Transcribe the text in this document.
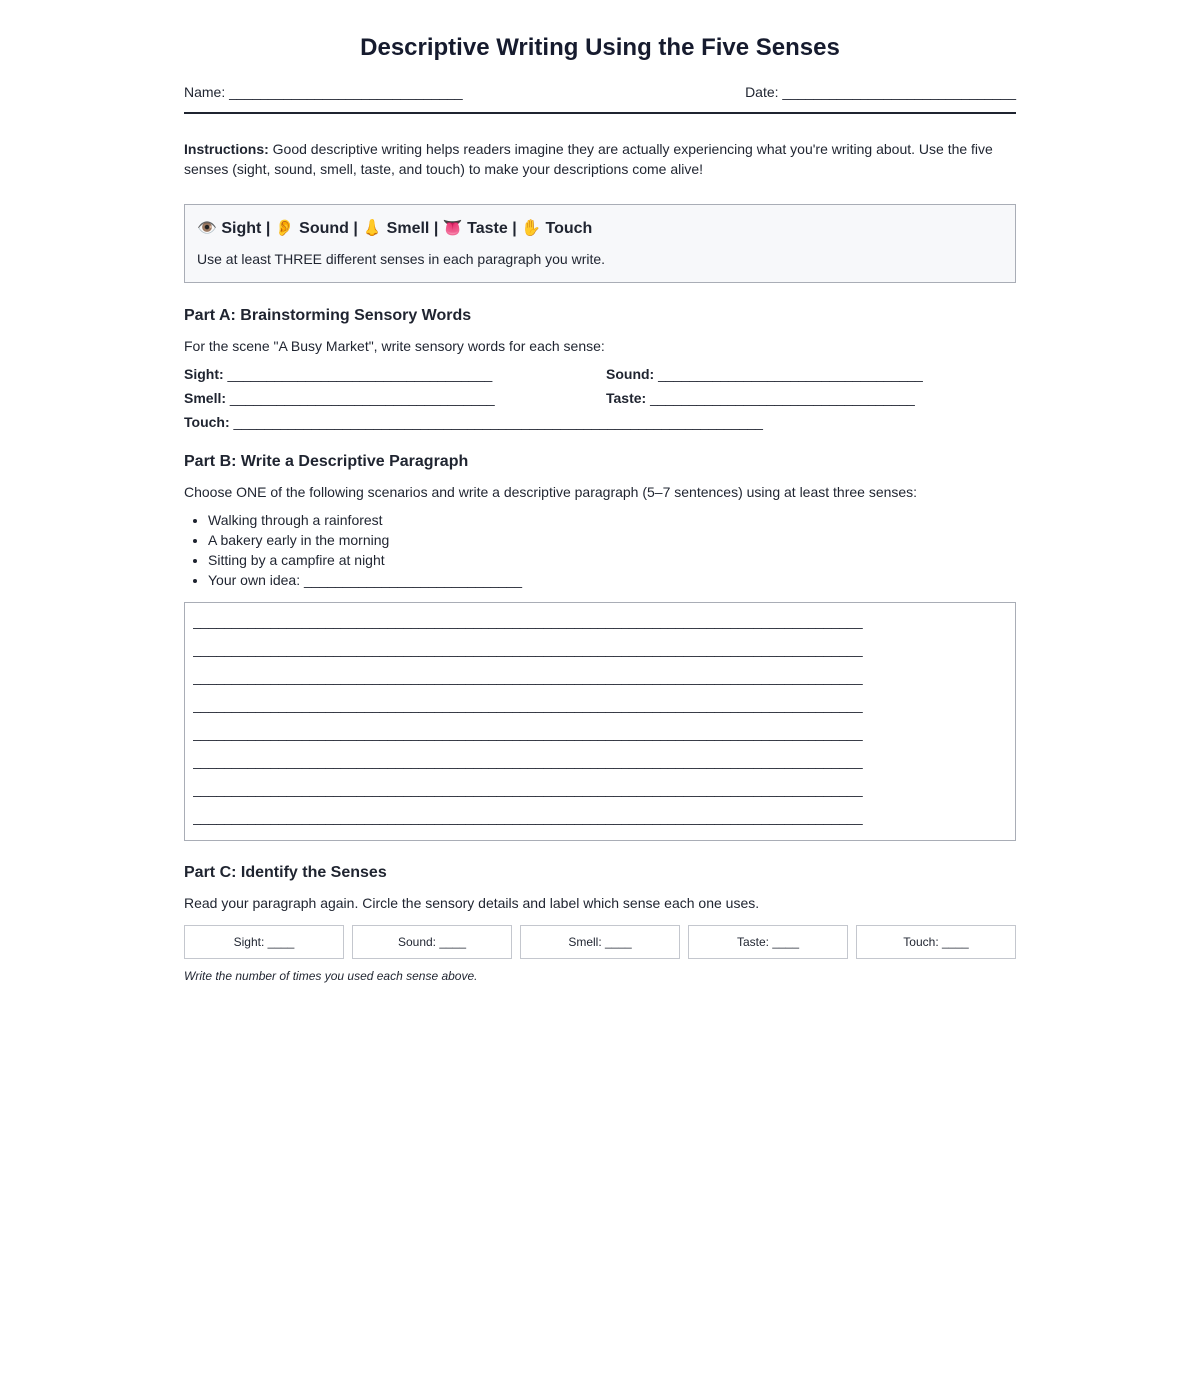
Descriptive Writing Using the Five Senses
Name: ______________________________	Date: ______________________________
Instructions: Good descriptive writing helps readers imagine they are actually experiencing what you're writing about. Use the five senses (sight, sound, smell, taste, and touch) to make your descriptions come alive!
👁️ Sight | 👂 Sound | 👃 Smell | 👅 Taste | ✋ Touch
Use at least THREE different senses in each paragraph you write.
Part A: Brainstorming Sensory Words
For the scene "A Busy Market", write sensory words for each sense:
Sight: __________________________________	Sound: __________________________________
Smell: __________________________________	Taste: __________________________________
Touch: ____________________________________________________________________
Part B: Write a Descriptive Paragraph
Choose ONE of the following scenarios and write a descriptive paragraph (5–7 sentences) using at least three senses:
• Walking through a rainforest
• A bakery early in the morning
• Sitting by a campfire at night
• Your own idea: ____________________________
______________________________________________________________________________________
______________________________________________________________________________________
______________________________________________________________________________________
______________________________________________________________________________________
______________________________________________________________________________________
______________________________________________________________________________________
______________________________________________________________________________________
______________________________________________________________________________________
Part C: Identify the Senses
Read your paragraph again. Circle the sensory details and label which sense each one uses.
Sight: ____	Sound: ____	Smell: ____	Taste: ____	Touch: ____
Write the number of times you used each sense above.
